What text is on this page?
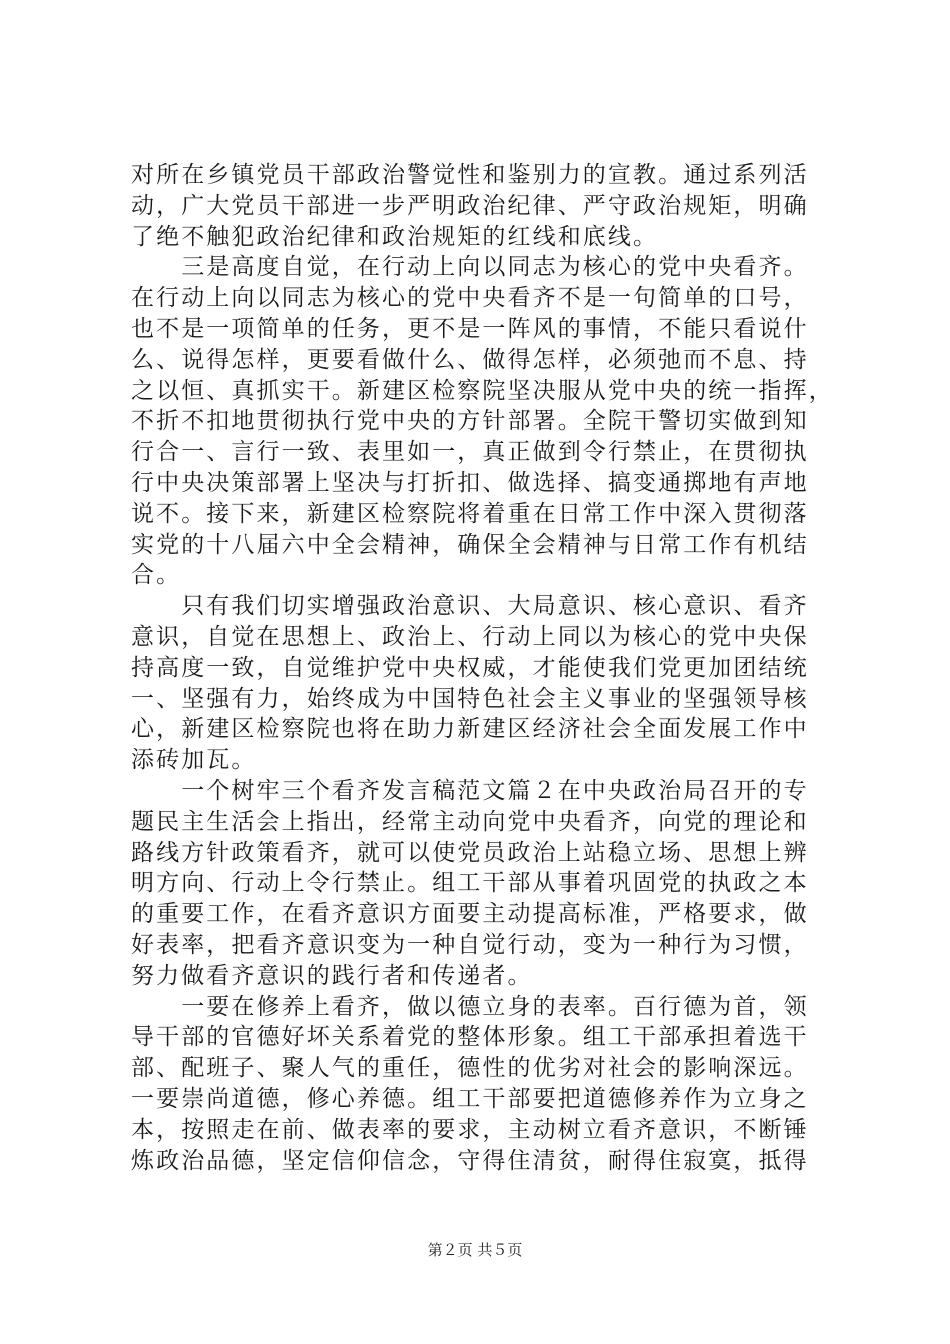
对所在乡镇党员干部政治警觉性和鉴别力的宣教。通过系列活
动，广大党员干部进一步严明政治纪律、严守政治规矩，明确
了绝不触犯政治纪律和政治规矩的红线和底线。
　　三是高度自觉，在行动上向以同志为核心的党中央看齐。
在行动上向以同志为核心的党中央看齐不是一句简单的口号，
也不是一项简单的任务，更不是一阵风的事情，不能只看说什
么、说得怎样，更要看做什么、做得怎样，必须弛而不息、持
之以恒、真抓实干。新建区检察院坚决服从党中央的统一指挥，
不折不扣地贯彻执行党中央的方针部署。全院干警切实做到知
行合一、言行一致、表里如一，真正做到令行禁止，在贯彻执
行中央决策部署上坚决与打折扣、做选择、搞变通掷地有声地
说不。接下来，新建区检察院将着重在日常工作中深入贯彻落
实党的十八届六中全会精神，确保全会精神与日常工作有机结
合。
　　只有我们切实增强政治意识、大局意识、核心意识、看齐
意识，自觉在思想上、政治上、行动上同以为核心的党中央保
持高度一致，自觉维护党中央权威，才能使我们党更加团结统
一、坚强有力，始终成为中国特色社会主义事业的坚强领导核
心，新建区检察院也将在助力新建区经济社会全面发展工作中
添砖加瓦。
　　一个树牢三个看齐发言稿范文篇２在中央政治局召开的专
题民主生活会上指出，经常主动向党中央看齐，向党的理论和
路线方针政策看齐，就可以使党员政治上站稳立场、思想上辨
明方向、行动上令行禁止。组工干部从事着巩固党的执政之本
的重要工作，在看齐意识方面要主动提高标准，严格要求，做
好表率，把看齐意识变为一种自觉行动，变为一种行为习惯，
努力做看齐意识的践行者和传递者。
　　一要在修养上看齐，做以德立身的表率。百行德为首，领
导干部的官德好坏关系着党的整体形象。组工干部承担着选干
部、配班子、聚人气的重任，德性的优劣对社会的影响深远。
一要崇尚道德，修心养德。组工干部要把道德修养作为立身之
本，按照走在前、做表率的要求，主动树立看齐意识，不断锤
炼政治品德，坚定信仰信念，守得住清贫，耐得住寂寞，抵得
第２页 共５页
